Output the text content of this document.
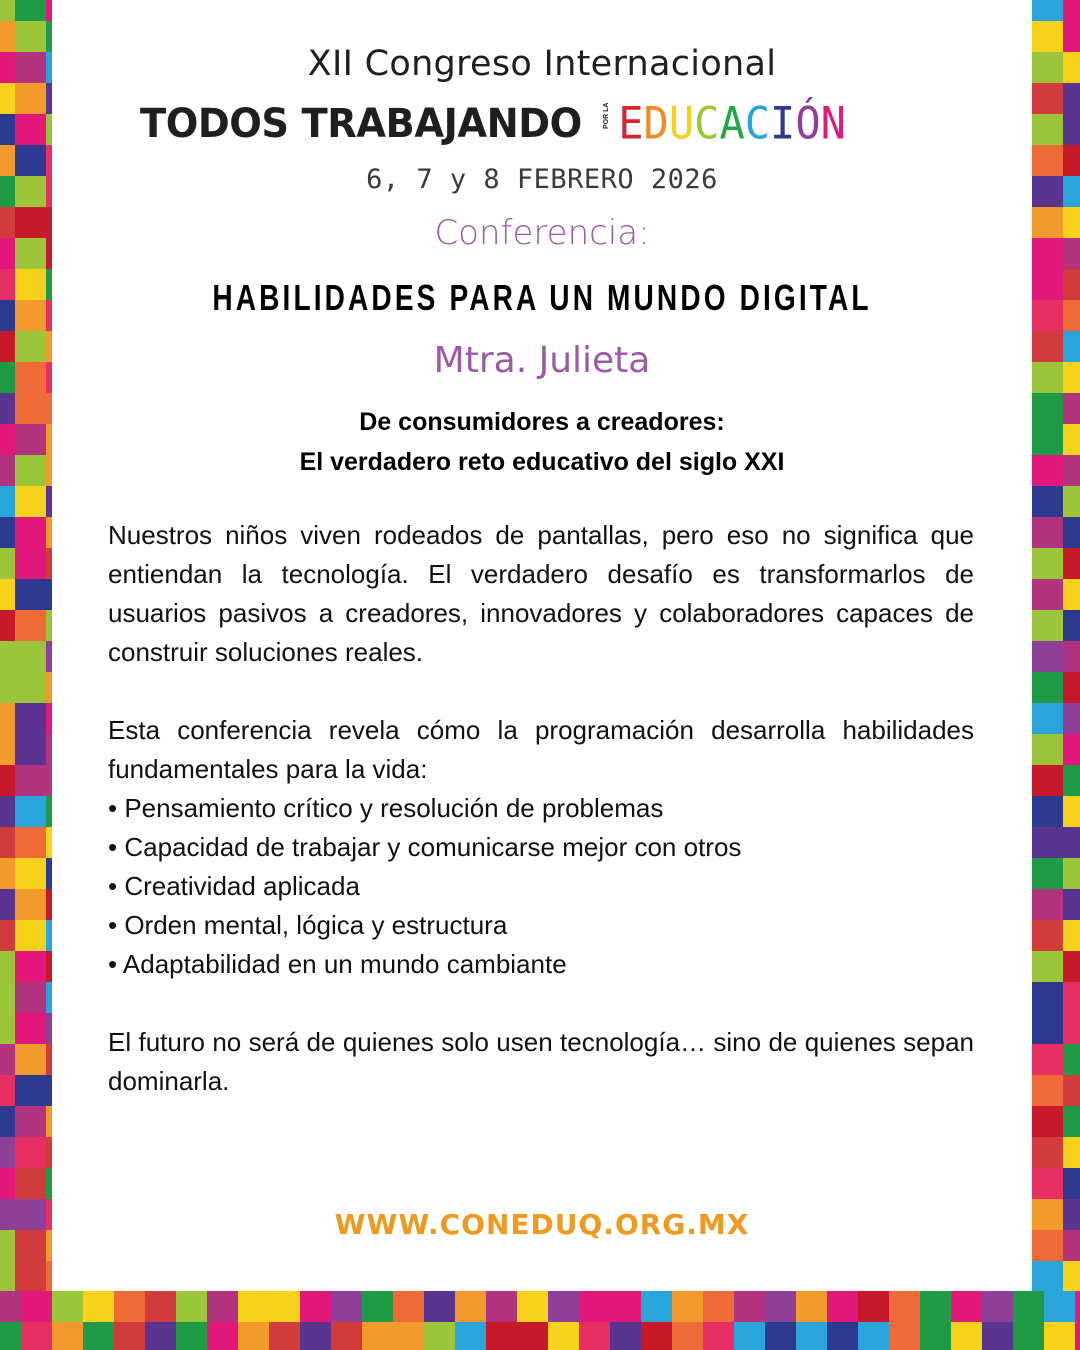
XII Congreso Internacional
TODOS TRABAJANDO	POR LA E D U C A C I Ó N
6, 7 y 8 FEBRERO 2026
Conferencia:
HABILIDADES PARA UN MUNDO DIGITAL
Mtra. Julieta
De consumidores a creadores:
El verdadero reto educativo del siglo XXI

Nuestros niños viven rodeados de pantallas, pero eso no significa que entiendan la tecnología. El verdadero desafío es transformarlos de usuarios pasivos a creadores, innovadores y colaboradores capaces de construir soluciones reales.

Esta conferencia revela cómo la programación desarrolla habilidades fundamentales para la vida:

• Pensamiento crítico y resolución de problemas
• Capacidad de trabajar y comunicarse mejor con otros
• Creatividad aplicada
• Orden mental, lógica y estructura
• Adaptabilidad en un mundo cambiante

El futuro no será de quienes solo usen tecnología… sino de quienes sepan dominarla.

WWW.CONEDUQ.ORG.MX
